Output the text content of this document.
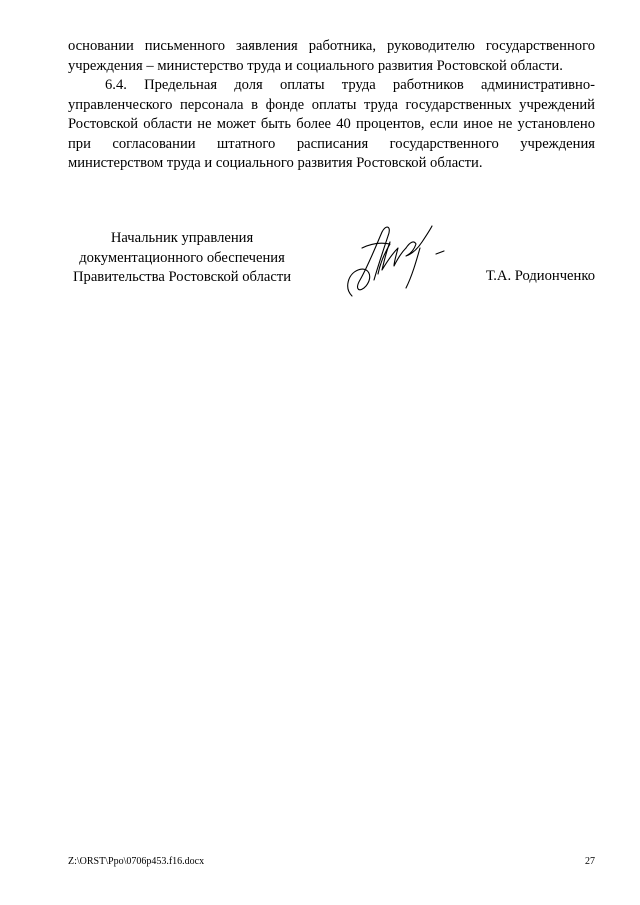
основании письменного заявления работника, руководителю государственного учреждения – министерство труда и социального развития Ростовской области.

6.4. Предельная доля оплаты труда работников административно-управленческого персонала в фонде оплаты труда государственных учреждений Ростовской области не может быть более 40 процентов, если иное не установлено при согласовании штатного расписания государственного учреждения министерством труда и социального развития Ростовской области.

Начальник управления
документационного обеспечения
Правительства Ростовской области	Т.А. Родионченко
Z:\ORST\Ppo\0706p453.f16.docx	27
